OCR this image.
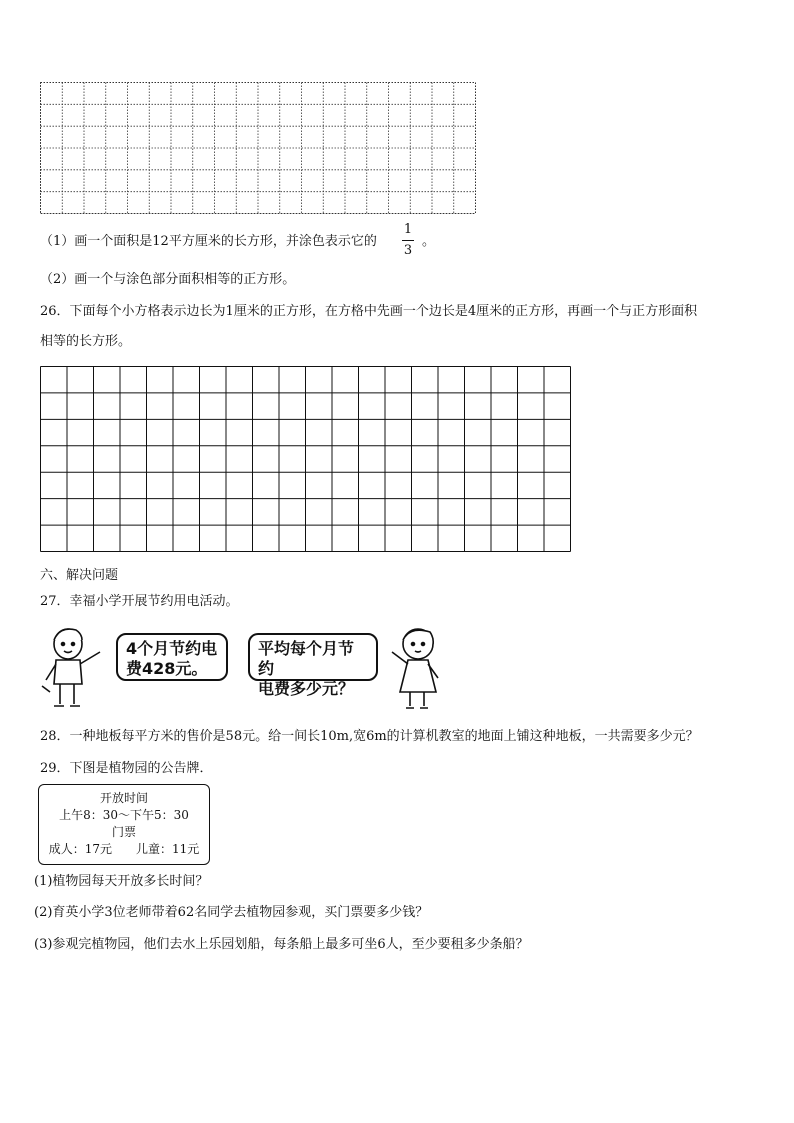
（1）画一个面积是12平方厘米的长方形，并涂色表示它的
1
3
。
（2）画一个与涂色部分面积相等的正方形。
26．下面每个小方格表示边长为1厘米的正方形，在方格中先画一个边长是4厘米的正方形，再画一个与正方形面积
相等的长方形。
六、解决问题
27．幸福小学开展节约用电活动。
4个月节约电
费428元。
平均每个月节约
电费多少元？
28．一种地板每平方米的售价是58元。给一间长10m,宽6m的计算机教室的地面上铺这种地板，一共需要多少元？
29．下图是植物园的公告牌．
开放时间
上午8：30～下午5：30
门票
成人：17元　　儿童：11元
(1)植物园每天开放多长时间？
(2)育英小学3位老师带着62名同学去植物园参观，买门票要多少钱？
(3)参观完植物园，他们去水上乐园划船，每条船上最多可坐6人，至少要租多少条船？
